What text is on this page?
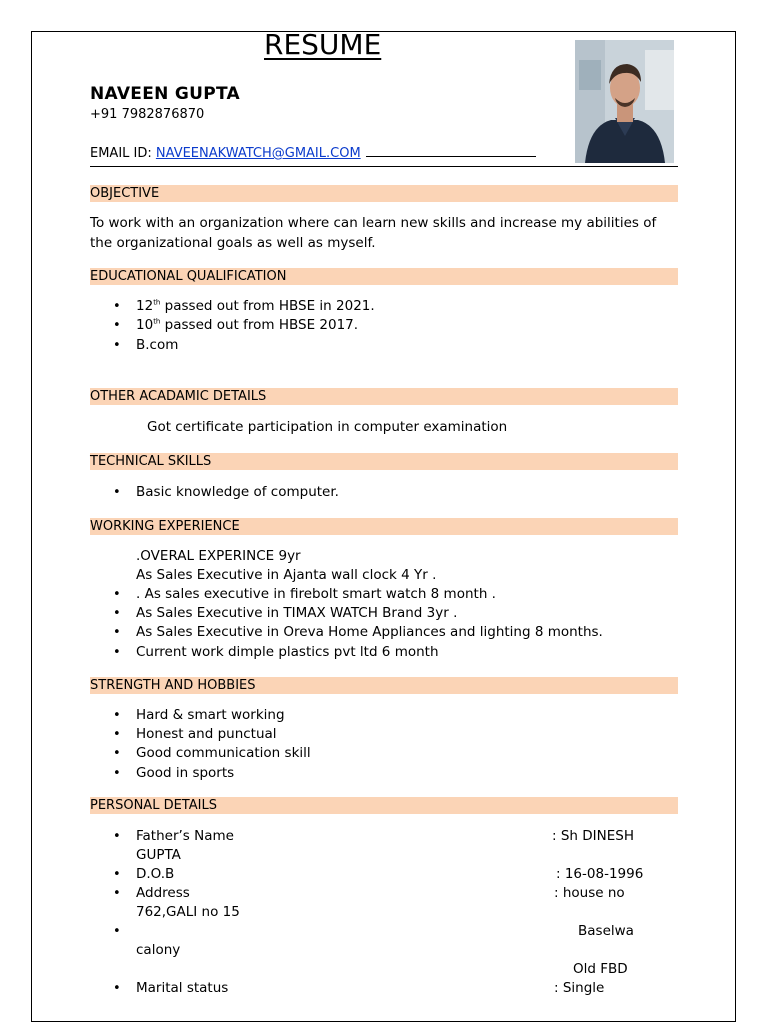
RESUME
NAVEEN GUPTA
+91 7982876870
EMAIL ID: NAVEENAKWATCH@GMAIL.COM
OBJECTIVE
To work with an organization where can learn new skills and increase my abilities of
the organizational goals as well as myself.
EDUCATIONAL QUALIFICATION
• 12th passed out from HBSE in 2021.
• 10th passed out from HBSE 2017.
• B.com
OTHER ACADAMIC DETAILS
Got certificate participation in computer examination
TECHNICAL SKILLS
• Basic knowledge of computer.
WORKING EXPERIENCE
.OVERAL EXPERINCE 9yr
As Sales Executive in Ajanta wall clock 4 Yr .
• . As sales executive in firebolt smart watch 8 month .
• As Sales Executive in TIMAX WATCH Brand 3yr .
• As Sales Executive in Oreva Home Appliances and lighting 8 months.
• Current work dimple plastics pvt ltd 6 month
STRENGTH AND HOBBIES
• Hard & smart working
• Honest and punctual
• Good communication skill
• Good in sports
PERSONAL DETAILS
• Father’s Name	: Sh DINESH
GUPTA
• D.O.B	: 16-08-1996
• Address	: house no
762,GALI no 15
•	Baselwa
calony
Old FBD
• Marital status	: Single
